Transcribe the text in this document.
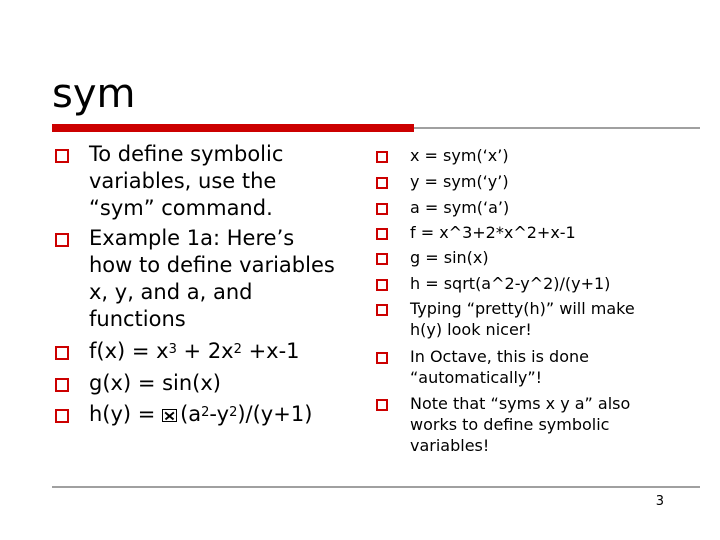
sym
To define symbolic
variables, use the
“sym” command.
Example 1a: Here’s
how to define variables
x, y, and a, and
functions
$f(x) = x^3 + 2x^2 +x-1$
g(x) = sin(x)
$h(y) = (a^2-y^2)/(y+1)$
x = sym(‘x’)
y = sym(‘y’)
a = sym(‘a’)
f = x^3+2*x^2+x-1
g = sin(x)
h = sqrt(a^2-y^2)/(y+1)
Typing “pretty(h)” will make
h(y) look nicer!
In Octave, this is done
“automatically”!
Note that “syms x y a” also
works to define symbolic
variables!
3
